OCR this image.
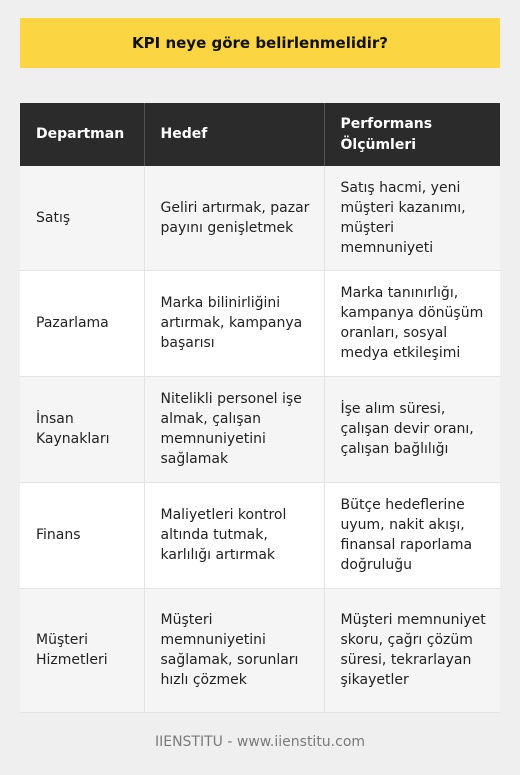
KPI neye göre belirlenmelidir?
Departman	Hedef	Performans Ölçümleri
Satış	Geliri artırmak, pazar payını genişletmek	Satış hacmi, yeni müşteri kazanımı, müşteri memnuniyeti
Pazarlama	Marka bilinirliğini artırmak, kampanya başarısı	Marka tanınırlığı, kampanya dönüşüm oranları, sosyal medya etkileşimi
İnsan Kaynakları	Nitelikli personel işe almak, çalışan memnuniyetini sağlamak	İşe alım süresi, çalışan devir oranı, çalışan bağlılığı
Finans	Maliyetleri kontrol altında tutmak, karlılığı artırmak	Bütçe hedeflerine uyum, nakit akışı, finansal raporlama doğruluğu
Müşteri Hizmetleri	Müşteri memnuniyetini sağlamak, sorunları hızlı çözmek	Müşteri memnuniyet skoru, çağrı çözüm süresi, tekrarlayan şikayetler
IIENSTITU - www.iienstitu.com
